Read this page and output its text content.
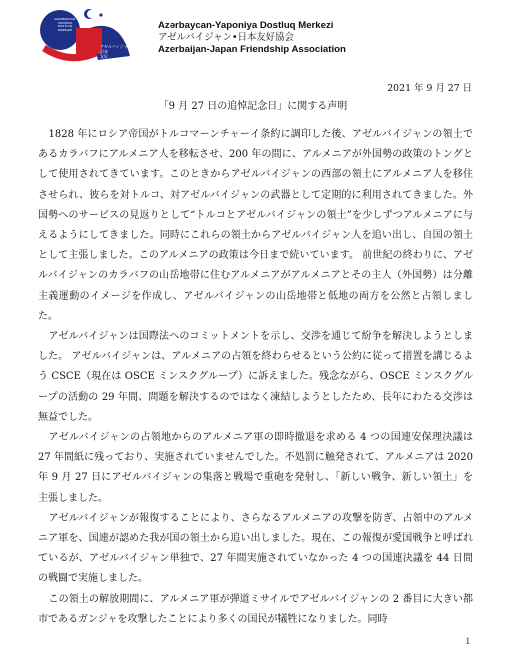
AZƏRBAYCAN-
YAPONİYA
DOSTLUQ
MƏRKƏZİ
アゼルバイジャン
日本
友好
協会
Azərbaycan-Yaponiya Dostluq Merkezi
アゼルバイジャン•日本友好協会
Azerbaijan-Japan Friendship Association
2021 年 9 月 27 日
「9 月 27 日の追悼記念日」に関する声明

1828 年にロシア帝国がトルコマーンチャーイ条約に調印した後、アゼルバイジャンの領土であるカラバフにアルメニア人を移転させ、200 年の間に、アルメニアが外国勢の政策のトングとして使用されてきています。このときからアゼルバイジャンの西部の領土にアルメニア人を移住させられ、彼らを対トルコ、対アゼルバイジャンの武器として定期的に利用されてきました。外国勢へのサービスの見返りとして“トルコとアゼルバイジャンの領土”を少しずつアルメニアに与えるようにしてきました。同時にこれらの領土からアゼルバイジャン人を追い出し、自国の領土として主張しました。このアルメニアの政策は今日まで続いています。 前世紀の終わりに、アゼルバイジャンのカラバフの山岳地帯に住むアルメニアがアルメニアとその主人（外国勢）は分離主義運動のイメージを作成し、アゼルバイジャンの山岳地帯と低地の両方を公然と占領しました。

アゼルバイジャンは国際法へのコミットメントを示し、交渉を通じて紛争を解決しようとしました。 アゼルバイジャンは、アルメニアの占領を終わらせるという公約に従って措置を講じるよう CSCE（現在は OSCE ミンスクグループ）に訴えました。残念ながら、OSCE ミンスクグループの活動の 29 年間、問題を解決するのではなく凍結しようとしたため、長年にわたる交渉は無益でした。

アゼルバイジャンの占領地からのアルメニア軍の即時撤退を求める 4 つの国連安保理決議は 27 年間紙に残っており、実施されていませんでした。不処罰に触発されて、アルメニアは 2020 年 9 月 27 日にアゼルバイジャンの集落と戦場で重砲を発射し、「新しい戦争、新しい領土」を主張しました。

アゼルバイジャンが報復することにより、さらなるアルメニアの攻撃を防ぎ、占領中のアルメニア軍を、国連が認めた我が国の領土から追い出しました。現在、この報復が愛国戦争と呼ばれているが、アゼルバイジャン単独で、27 年間実施されていなかった 4 つの国連決議を 44 日間の戦闘で実施しました。

この領土の解放期間に、アルメニア軍が弾道ミサイルでアゼルバイジャンの 2 番目に大きい都市であるガンジャを攻撃したことにより多くの国民が犠牲になりました。同時

1
